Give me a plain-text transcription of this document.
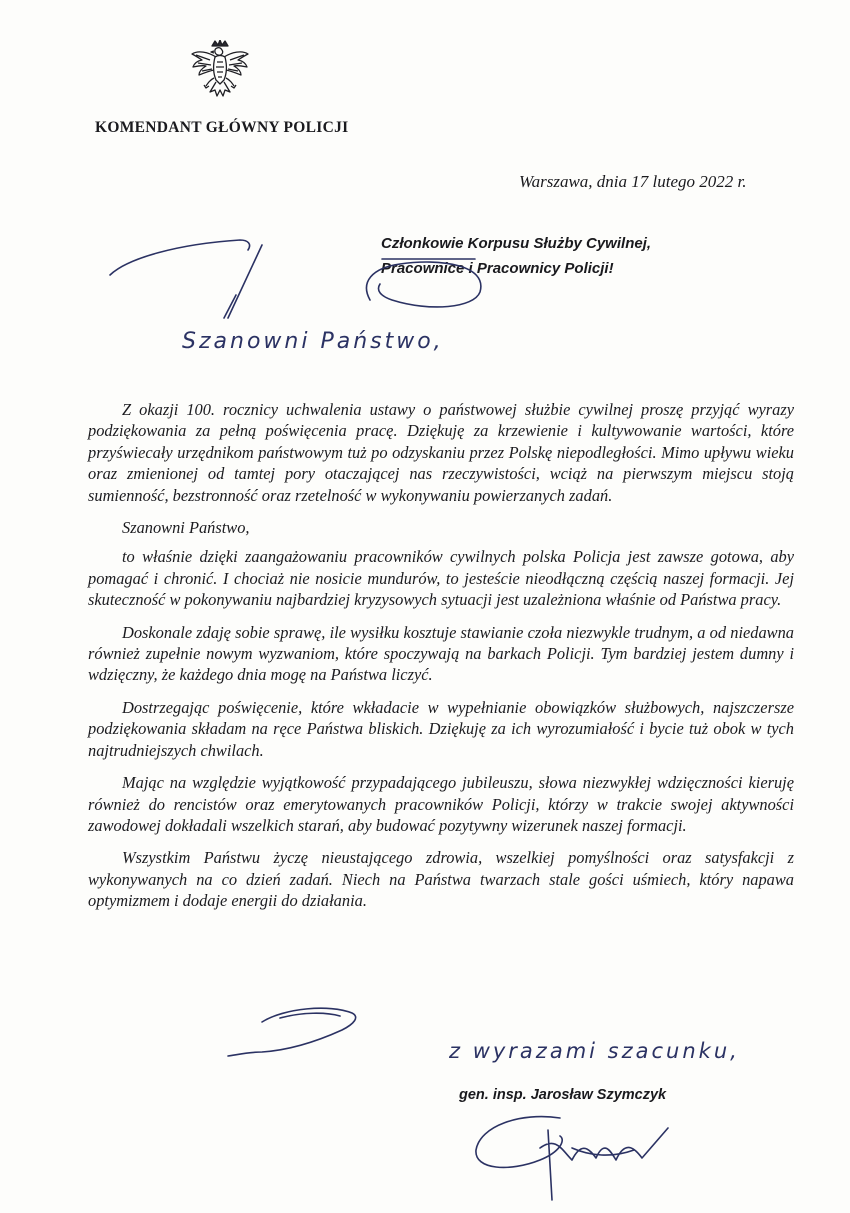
KOMENDANT GŁÓWNY POLICJI
Warszawa, dnia 17 lutego 2022 r.
Członkowie Korpusu Służby Cywilnej,
Pracownice i Pracownicy Policji!
Szanowni Państwo,
z wyrazami szacunku,

Z okazji 100. rocznicy uchwalenia ustawy o państwowej służbie cywilnej proszę przyjąć wyrazy podziękowania za pełną poświęcenia pracę. Dziękuję za krzewienie i kultywowanie wartości, które przyświecały urzędnikom państwowym tuż po odzyskaniu przez Polskę niepodległości. Mimo upływu wieku oraz zmienionej od tamtej pory otaczającej nas rzeczywistości, wciąż na pierwszym miejscu stoją sumienność, bezstronność oraz rzetelność w wykonywaniu powierzanych zadań.

Szanowni Państwo,

to właśnie dzięki zaangażowaniu pracowników cywilnych polska Policja jest zawsze gotowa, aby pomagać i chronić. I chociaż nie nosicie mundurów, to jesteście nieodłączną częścią naszej formacji. Jej skuteczność w pokonywaniu najbardziej kryzysowych sytuacji jest uzależniona właśnie od Państwa pracy.

Doskonale zdaję sobie sprawę, ile wysiłku kosztuje stawianie czoła niezwykle trudnym, a od niedawna również zupełnie nowym wyzwaniom, które spoczywają na barkach Policji. Tym bardziej jestem dumny i wdzięczny, że każdego dnia mogę na Państwa liczyć.

Dostrzegając poświęcenie, które wkładacie w wypełnianie obowiązków służbowych, najszczersze podziękowania składam na ręce Państwa bliskich. Dziękuję za ich wyrozumiałość i bycie tuż obok w tych najtrudniejszych chwilach.

Mając na względzie wyjątkowość przypadającego jubileuszu, słowa niezwykłej wdzięczności kieruję również do rencistów oraz emerytowanych pracowników Policji, którzy w trakcie swojej aktywności zawodowej dokładali wszelkich starań, aby budować pozytywny wizerunek naszej formacji.

Wszystkim Państwu życzę nieustającego zdrowia, wszelkiej pomyślności oraz satysfakcji z wykonywanych na co dzień zadań. Niech na Państwa twarzach stale gości uśmiech, który napawa optymizmem i dodaje energii do działania.

gen. insp. Jarosław Szymczyk
